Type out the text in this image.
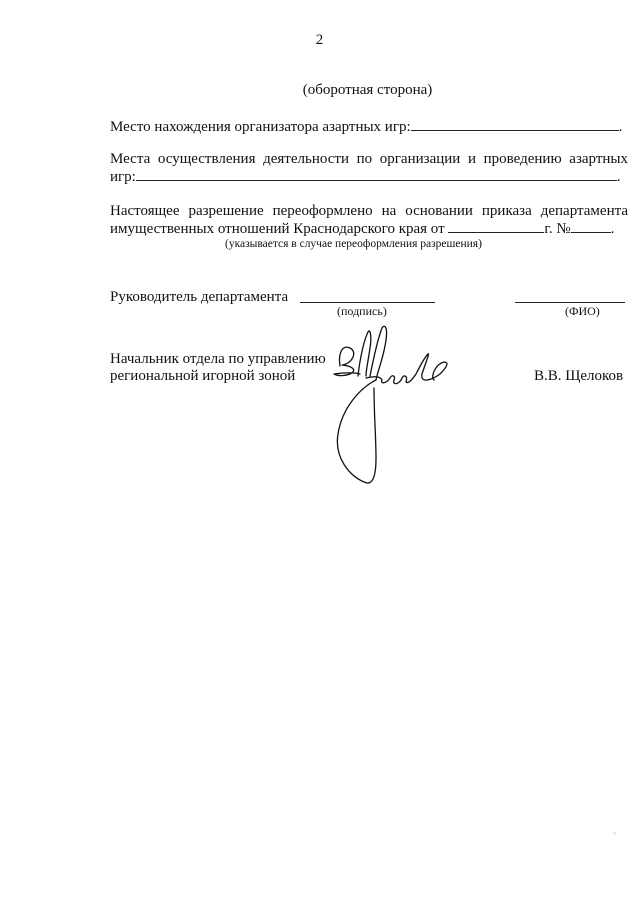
2
(оборотная сторона)
Место нахождения организатора азартных игр:	.
Места осуществления деятельности по организации и проведению азартных
игр:	.
Настоящее разрешение переоформлено на основании приказа департамента
имущественных отношений Краснодарского края от	г. №	.
(указывается в случае переоформления разрешения)
Руководитель департамента
(подпись)	(ФИО)
Начальник отдела по управлению
региональной игорной зоной	В.В. Щелоков
